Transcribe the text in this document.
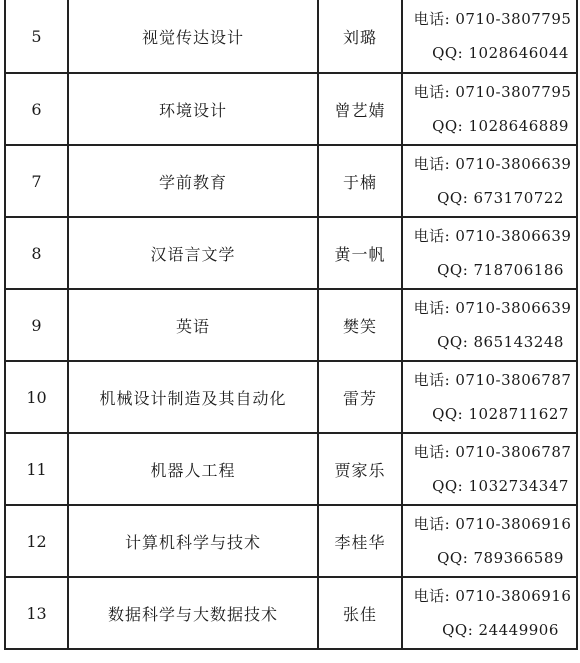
5	视觉传达设计	刘璐	电话: 0710-3807795
QQ: 1028646044

6	环境设计	曾艺婧	电话: 0710-3807795
QQ: 1028646889

7	学前教育	于楠	电话: 0710-3806639
QQ: 673170722

8	汉语言文学	黄一帆	电话: 0710-3806639
QQ: 718706186

9	英语	樊笑	电话: 0710-3806639
QQ: 865143248

10	机械设计制造及其自动化	雷芳	电话: 0710-3806787
QQ: 1028711627

11	机器人工程	贾家乐	电话: 0710-3806787
QQ: 1032734347

12	计算机科学与技术	李桂华	电话: 0710-3806916
QQ: 789366589

13	数据科学与大数据技术	张佳	电话: 0710-3806916
QQ: 24449906
